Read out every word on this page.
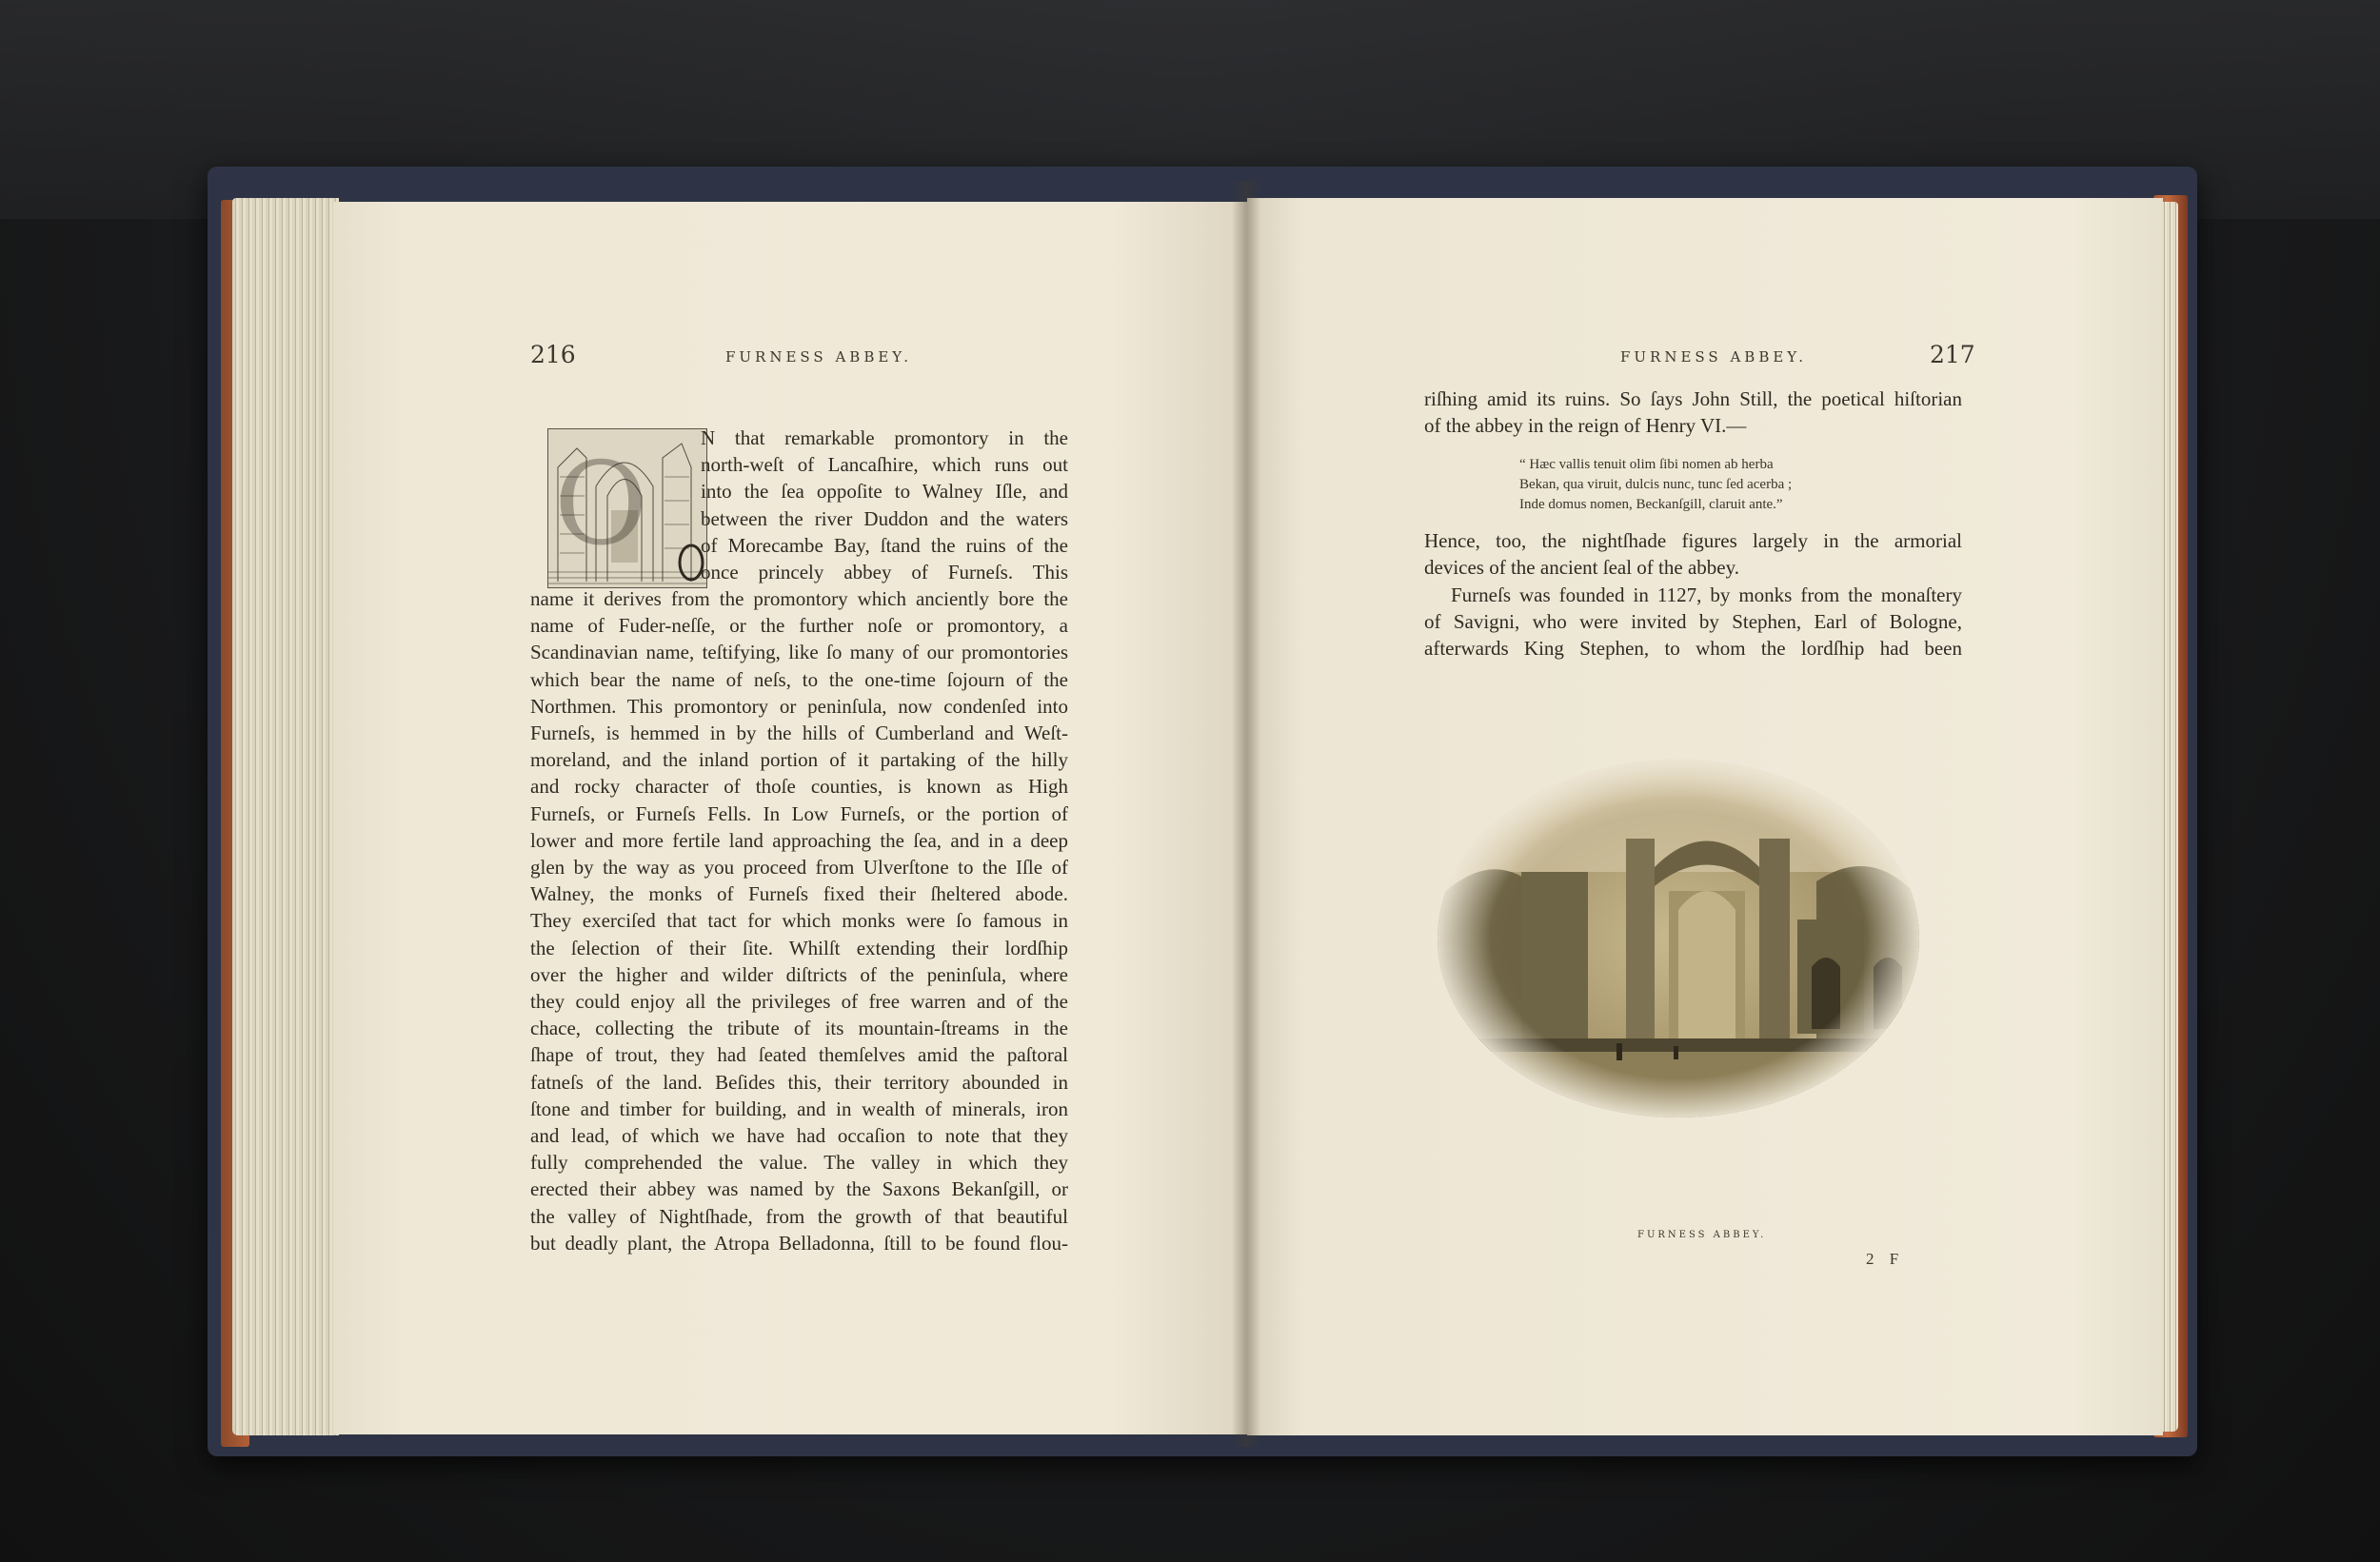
216	FURNESS ABBEY.
O
N that remarkable promontory in the
north-weſt of Lancaſhire, which runs out
into the ſea oppoſite to Walney Iſle, and
between the river Duddon and the waters
of Morecambe Bay, ſtand the ruins of the
once princely abbey of Furneſs. This
name it derives from the promontory which anciently bore the
name of Fuder-neſſe, or the further noſe or promontory, a
Scandinavian name, teſtifying, like ſo many of our promontories
which bear the name of neſs, to the one-time ſojourn of the
Northmen. This promontory or peninſula, now condenſed into
Furneſs, is hemmed in by the hills of Cumberland and Weſt-
moreland, and the inland portion of it partaking of the hilly
and rocky character of thoſe counties, is known as High
Furneſs, or Furneſs Fells. In Low Furneſs, or the portion of
lower and more fertile land approaching the ſea, and in a deep
glen by the way as you proceed from Ulverſtone to the Iſle of
Walney, the monks of Furneſs fixed their ſheltered abode.
They exerciſed that tact for which monks were ſo famous in
the ſelection of their ſite. Whilſt extending their lordſhip
over the higher and wilder diſtricts of the peninſula, where
they could enjoy all the privileges of free warren and of the
chace, collecting the tribute of its mountain-ſtreams in the
ſhape of trout, they had ſeated themſelves amid the paſtoral
fatneſs of the land. Beſides this, their territory abounded in
ſtone and timber for building, and in wealth of minerals, iron
and lead, of which we have had occaſion to note that they
fully comprehended the value. The valley in which they
erected their abbey was named by the Saxons Bekanſgill, or
the valley of Nightſhade, from the growth of that beautiful
but deadly plant, the Atropa Belladonna, ſtill to be found flou-
FURNESS ABBEY.	217
riſhing amid its ruins. So ſays John Still, the poetical hiſtorian
of the abbey in the reign of Henry VI.—
“ Hæc vallis tenuit olim ſibi nomen ab herba
Bekan, qua viruit, dulcis nunc, tunc ſed acerba ;
Inde domus nomen, Beckanſgill, claruit ante.”
Hence, too, the nightſhade figures largely in the armorial
devices of the ancient ſeal of the abbey.
Furneſs was founded in 1127, by monks from the monaſtery
of Savigni, who were invited by Stephen, Earl of Bologne,
afterwards King Stephen, to whom the lordſhip had been
FURNESS ABBEY.
2 F
